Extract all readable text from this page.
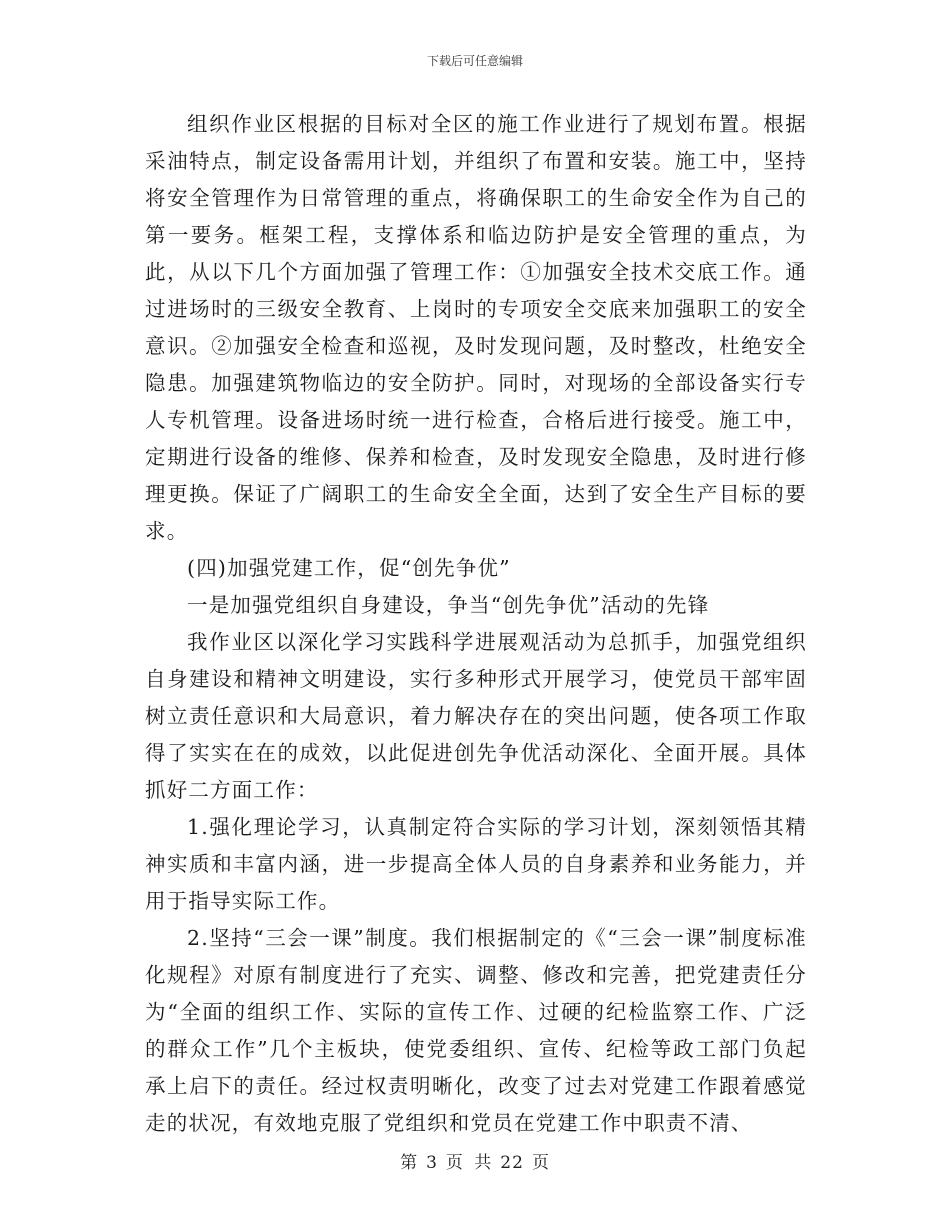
下载后可任意编辑

组织作业区根据的目标对全区的施工作业进行了规划布置。根据采油特点，制定设备需用计划，并组织了布置和安装。施工中，坚持将安全管理作为日常管理的重点，将确保职工的生命安全作为自己的第一要务。框架工程，支撑体系和临边防护是安全管理的重点，为此，从以下几个方面加强了管理工作：①加强安全技术交底工作。通过进场时的三级安全教育、上岗时的专项安全交底来加强职工的安全意识。②加强安全检查和巡视，及时发现问题，及时整改，杜绝安全隐患。加强建筑物临边的安全防护。同时，对现场的全部设备实行专人专机管理。设备进场时统一进行检查，合格后进行接受。施工中，定期进行设备的维修、保养和检查，及时发现安全隐患，及时进行修理更换。保证了广阔职工的生命安全全面，达到了安全生产目标的要求。

(四)加强党建工作，促“创先争优”

一是加强党组织自身建设，争当“创先争优”活动的先锋

我作业区以深化学习实践科学进展观活动为总抓手，加强党组织自身建设和精神文明建设，实行多种形式开展学习，使党员干部牢固树立责任意识和大局意识，着力解决存在的突出问题，使各项工作取得了实实在在的成效，以此促进创先争优活动深化、全面开展。具体抓好二方面工作：

1.强化理论学习，认真制定符合实际的学习计划，深刻领悟其精神实质和丰富内涵，进一步提高全体人员的自身素养和业务能力，并用于指导实际工作。

2.坚持“三会一课”制度。我们根据制定的《“三会一课”制度标准化规程》对原有制度进行了充实、调整、修改和完善，把党建责任分为“全面的组织工作、实际的宣传工作、过硬的纪检监察工作、广泛的群众工作”几个主板块，使党委组织、宣传、纪检等政工部门负起承上启下的责任。经过权责明晰化，改变了过去对党建工作跟着感觉走的状况，有效地克服了党组织和党员在党建工作中职责不清、

第 3 页 共 22 页
